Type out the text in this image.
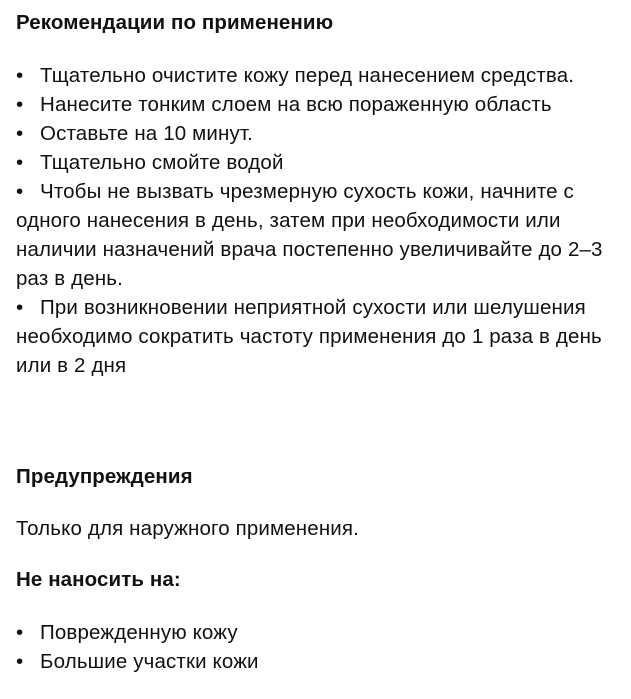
Рекомендации по применению
• Тщательно очистите кожу перед нанесением средства.
• Нанесите тонким слоем на всю пораженную область
• Оставьте на 10 минут.
• Тщательно смойте водой
• Чтобы не вызвать чрезмерную сухость кожи, начните с одного нанесения в день, затем при необходимости или наличии назначений врача постепенно увеличивайте до 2–3 раз в день.
• При возникновении неприятной сухости или шелушения необходимо сократить частоту применения до 1 раза в день или в 2 дня
Предупреждения

Только для наружного применения.

Не наносить на:
• Поврежденную кожу
• Большие участки кожи
